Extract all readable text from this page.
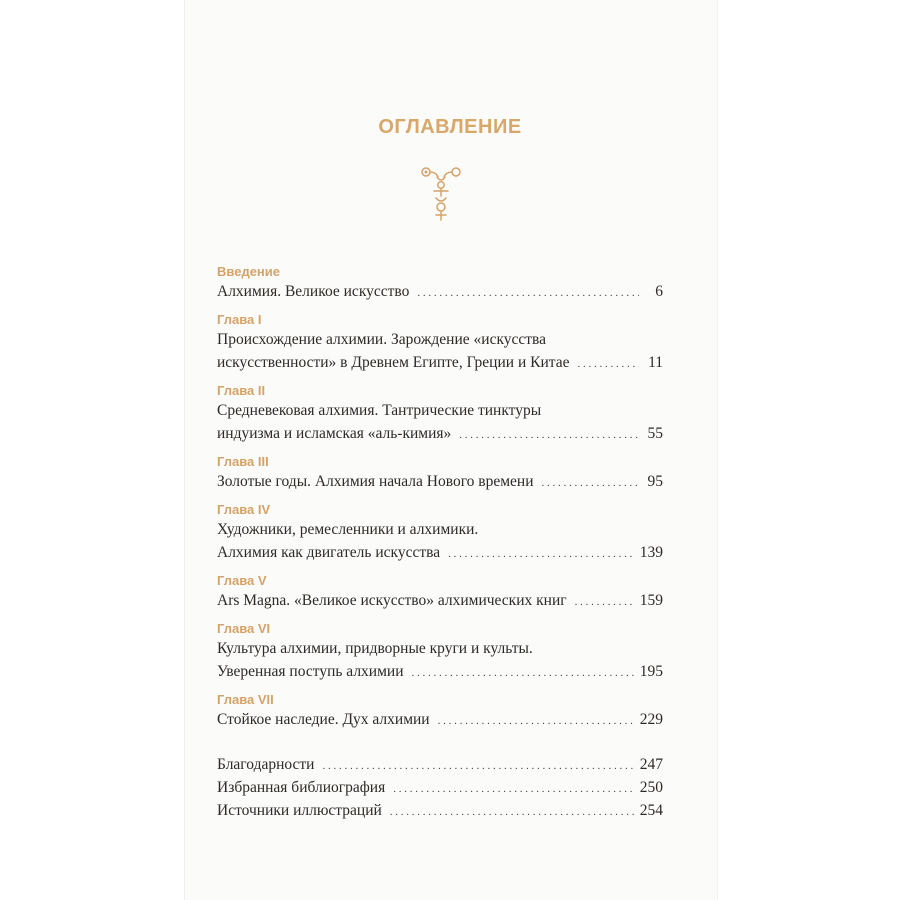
ОГЛАВЛЕНИЕ
Введение
Алхимия. Великое искусство . . .	6
Глава I
Происхождение алхимии. Зарождение «искусства
искусственности» в Древнем Египте, Греции и Китае . . .	11
Глава II
Средневековая алхимия. Тантрические тинктуры
индуизма и исламская «аль-кимия» . . .	55
Глава III
Золотые годы. Алхимия начала Нового времени . . .	95
Глава IV
Художники, ремесленники и алхимики.
Алхимия как двигатель искусства . . .	139
Глава V
Ars Magna. «Великое искусство» алхимических книг . . .	159
Глава VI
Культура алхимии, придворные круги и культы.
Уверенная поступь алхимии . . .	195
Глава VII
Стойкое наследие. Дух алхимии . . .	229
Благодарности . . .	247
Избранная библиография . . .	250
Источники иллюстраций . . .	254
